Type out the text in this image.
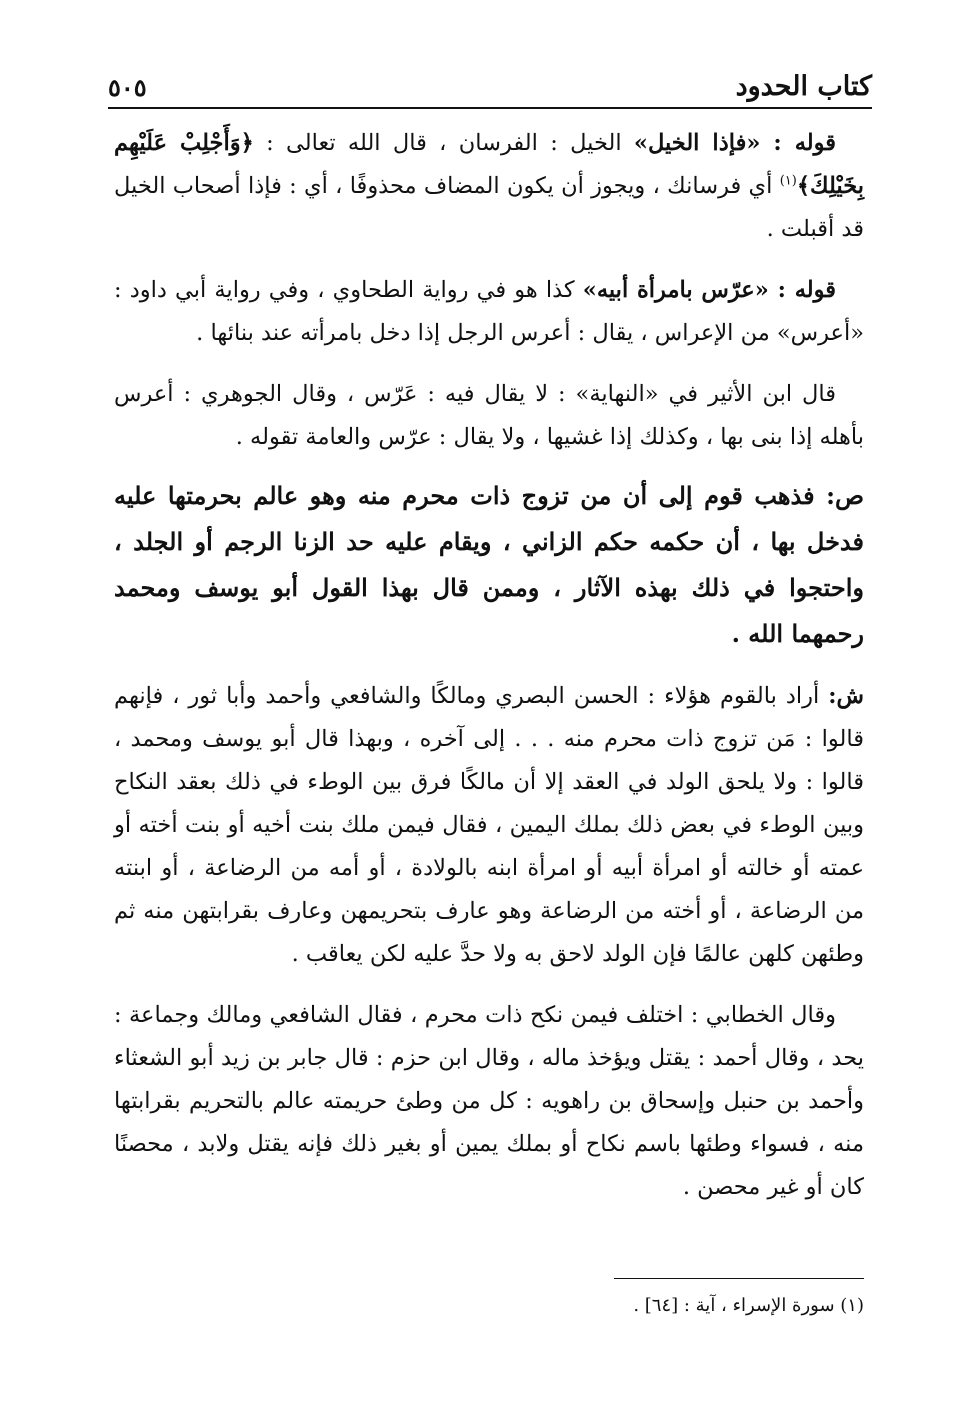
كتاب الحدود
٥٠٥

قوله : «فإذا الخيل» الخيل : الفرسان ، قال الله تعالى : ﴿وَأَجْلِبْ عَلَيْهِم بِخَيْلِكَ﴾$^{(١)}$ أي فرسانك ، ويجوز أن يكون المضاف محذوفًا ، أي : فإذا أصحاب الخيل قد أقبلت .

قوله : «عرّس بامرأة أبيه» كذا هو في رواية الطحاوي ، وفي رواية أبي داود : «أعرس» من الإعراس ، يقال : أعرس الرجل إذا دخل بامرأته عند بنائها .

قال ابن الأثير في «النهاية» : لا يقال فيه : عَرّس ، وقال الجوهري : أعرس بأهله إذا بنى بها ، وكذلك إذا غشيها ، ولا يقال : عرّس والعامة تقوله .

ص: فذهب قوم إلى أن من تزوج ذات محرم منه وهو عالم بحرمتها عليه فدخل بها ، أن حكمه حكم الزاني ، ويقام عليه حد الزنا الرجم أو الجلد ، واحتجوا في ذلك بهذه الآثار ، وممن قال بهذا القول أبو يوسف ومحمد رحمهما الله .

ش: أراد بالقوم هؤلاء : الحسن البصري ومالكًا والشافعي وأحمد وأبا ثور ، فإنهم قالوا : مَن تزوج ذات محرم منه . . . إلى آخره ، وبهذا قال أبو يوسف ومحمد ، قالوا : ولا يلحق الولد في العقد إلا أن مالكًا فرق بين الوطء في ذلك بعقد النكاح وبين الوطء في بعض ذلك بملك اليمين ، فقال فيمن ملك بنت أخيه أو بنت أخته أو عمته أو خالته أو امرأة أبيه أو امرأة ابنه بالولادة ، أو أمه من الرضاعة ، أو ابنته من الرضاعة ، أو أخته من الرضاعة وهو عارف بتحريمهن وعارف بقرابتهن منه ثم وطئهن كلهن عالمًا فإن الولد لاحق به ولا حدَّ عليه لكن يعاقب .

وقال الخطابي : اختلف فيمن نكح ذات محرم ، فقال الشافعي ومالك وجماعة : يحد ، وقال أحمد : يقتل ويؤخذ ماله ، وقال ابن حزم : قال جابر بن زيد أبو الشعثاء وأحمد بن حنبل وإسحاق بن راهويه : كل من وطئ حريمته عالم بالتحريم بقرابتها منه ، فسواء وطئها باسم نكاح أو بملك يمين أو بغير ذلك فإنه يقتل ولابد ، محصنًا كان أو غير محصن .

(١) سورة الإسراء ، آية : [٦٤] .
